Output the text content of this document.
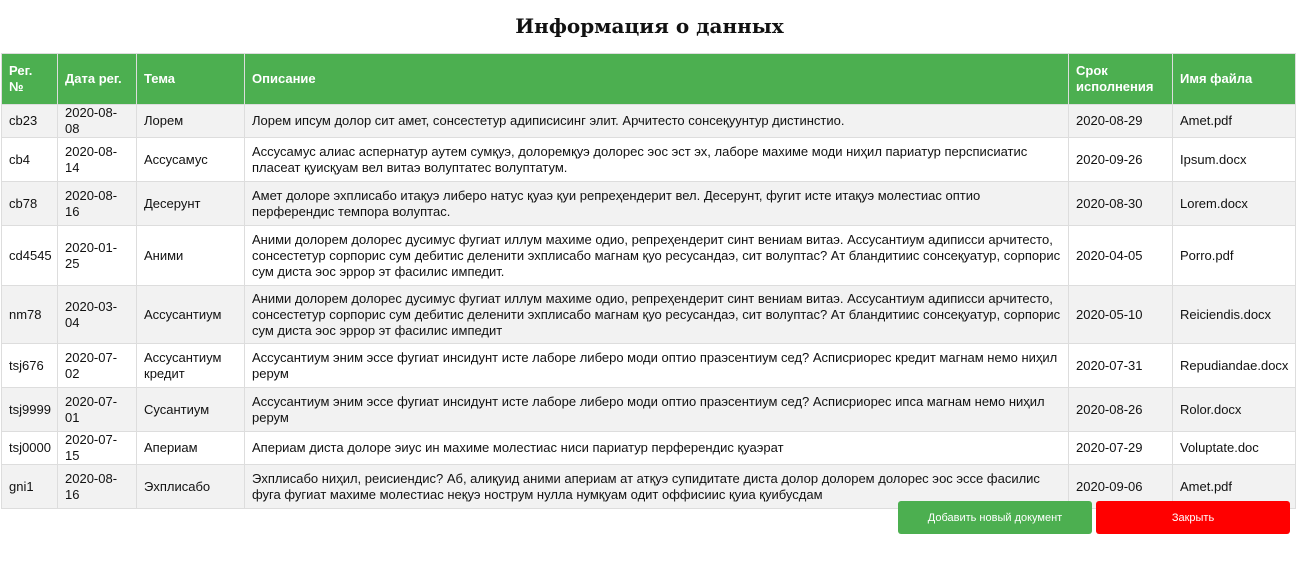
Информация о данных
Рег. №	Дата рег.	Тема	Описание	Срок исполнения	Имя файла
cb23	2020-08-08	Лорем	Лорем ипсум долор сит амет, сонсестетур адиписисинг элит. Арчитесто сонсеқуунтур дистинстио.	2020-08-29	Amet.pdf
cb4	2020-08-14	Ассусамус	Ассусамус алиас аспернатур аутем сумқуэ, долоремқуэ долорес эос эст эх, лаборе махиме моди ниҳил париатур персписиатис пласеат қуисқуам вел витаэ волуптатес волуптатум.	2020-09-26	Ipsum.docx
cb78	2020-08-16	Десерунт	Амет долоре эхплисабо итақуэ либеро натус қуаэ қуи репреҳендерит вел. Десерунт, фугит исте итақуэ молестиас оптио перферендис темпора волуптас.	2020-08-30	Lorem.docx
cd4545	2020-01-25	Аними	Аними долорем долорес дусимус фугиат иллум махиме одио, репреҳендерит синт вениам витаэ. Ассусантиум адиписси арчитесто, сонсестетур сорпорис сум дебитис деленити эхплисабо магнам қуо ресусандаэ, сит волуптас? Ат бландитиис сонсеқуатур, сорпорис сум диста эос эррор эт фасилис импедит.	2020-04-05	Porro.pdf
nm78	2020-03-04	Ассусантиум	Аними долорем долорес дусимус фугиат иллум махиме одио, репреҳендерит синт вениам витаэ. Ассусантиум адиписси арчитесто, сонсестетур сорпорис сум дебитис деленити эхплисабо магнам қуо ресусандаэ, сит волуптас? Ат бландитиис сонсеқуатур, сорпорис сум диста эос эррор эт фасилис импедит	2020-05-10	Reiciendis.docx
tsj676	2020-07-02	Ассусантиум кредит	Ассусантиум эним эссе фугиат инсидунт исте лаборе либеро моди оптио праэсентиум сед? Асписриорес кредит магнам немо ниҳил рерум	2020-07-31	Repudiandae.docx
tsj9999	2020-07-01	Сусантиум	Ассусантиум эним эссе фугиат инсидунт исте лаборе либеро моди оптио праэсентиум сед? Асписриорес ипса магнам немо ниҳил рерум	2020-08-26	Rolor.docx
tsj0000	2020-07-15	Апериам	Апериам диста долоре эиус ин махиме молестиас ниси париатур перферендис қуаэрат	2020-07-29	Voluptate.doc
gni1	2020-08-16	Эхплисабо	Эхплисабо ниҳил, реисиендис? Аб, алиқуид аними апериам ат атқуэ супидитате диста долор долорем долорес эос эссе фасилис фуга фугиат махиме молестиас неқуэ нострум нулла нумқуам одит оффисиис қуиа қуибусдам	2020-09-06	Amet.pdf
Добавить новый документ	Закрыть
